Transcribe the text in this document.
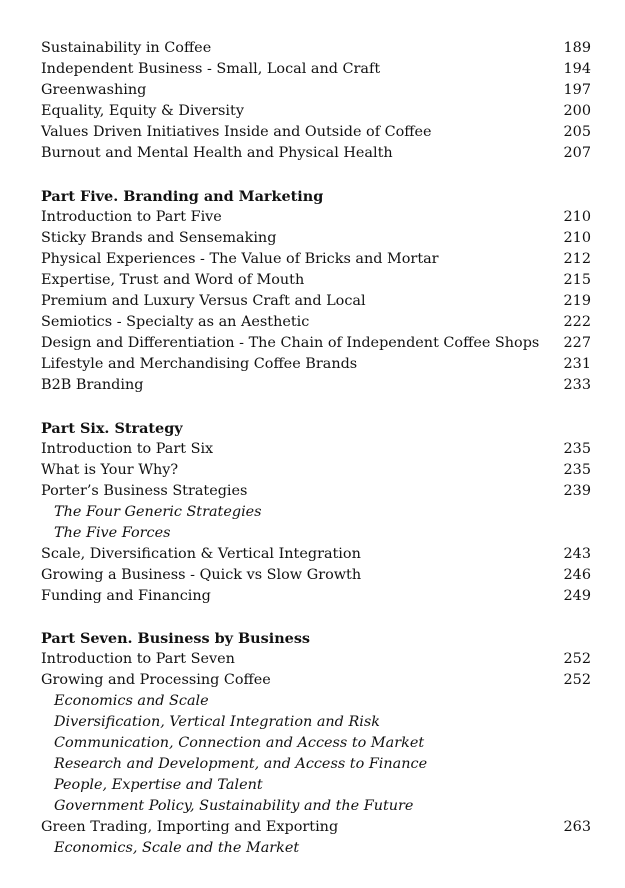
Sustainability in Coffee	189
Independent Business - Small, Local and Craft	194
Greenwashing	197
Equality, Equity & Diversity	200
Values Driven Initiatives Inside and Outside of Coffee	205
Burnout and Mental Health and Physical Health	207
Part Five. Branding and Marketing
Introduction to Part Five	210
Sticky Brands and Sensemaking	210
Physical Experiences - The Value of Bricks and Mortar	212
Expertise, Trust and Word of Mouth	215
Premium and Luxury Versus Craft and Local	219
Semiotics - Specialty as an Aesthetic	222
Design and Differentiation - The Chain of Independent Coffee Shops 227
Lifestyle and Merchandising Coffee Brands	231
B2B Branding	233
Part Six. Strategy
Introduction to Part Six	235
What is Your Why?	235
Porter’s Business Strategies	239
The Four Generic Strategies
The Five Forces
Scale, Diversification & Vertical Integration	243
Growing a Business - Quick vs Slow Growth	246
Funding and Financing	249
Part Seven. Business by Business
Introduction to Part Seven	252
Growing and Processing Coffee	252
Economics and Scale
Diversification, Vertical Integration and Risk
Communication, Connection and Access to Market
Research and Development, and Access to Finance
People, Expertise and Talent
Government Policy, Sustainability and the Future
Green Trading, Importing and Exporting	263
Economics, Scale and the Market
